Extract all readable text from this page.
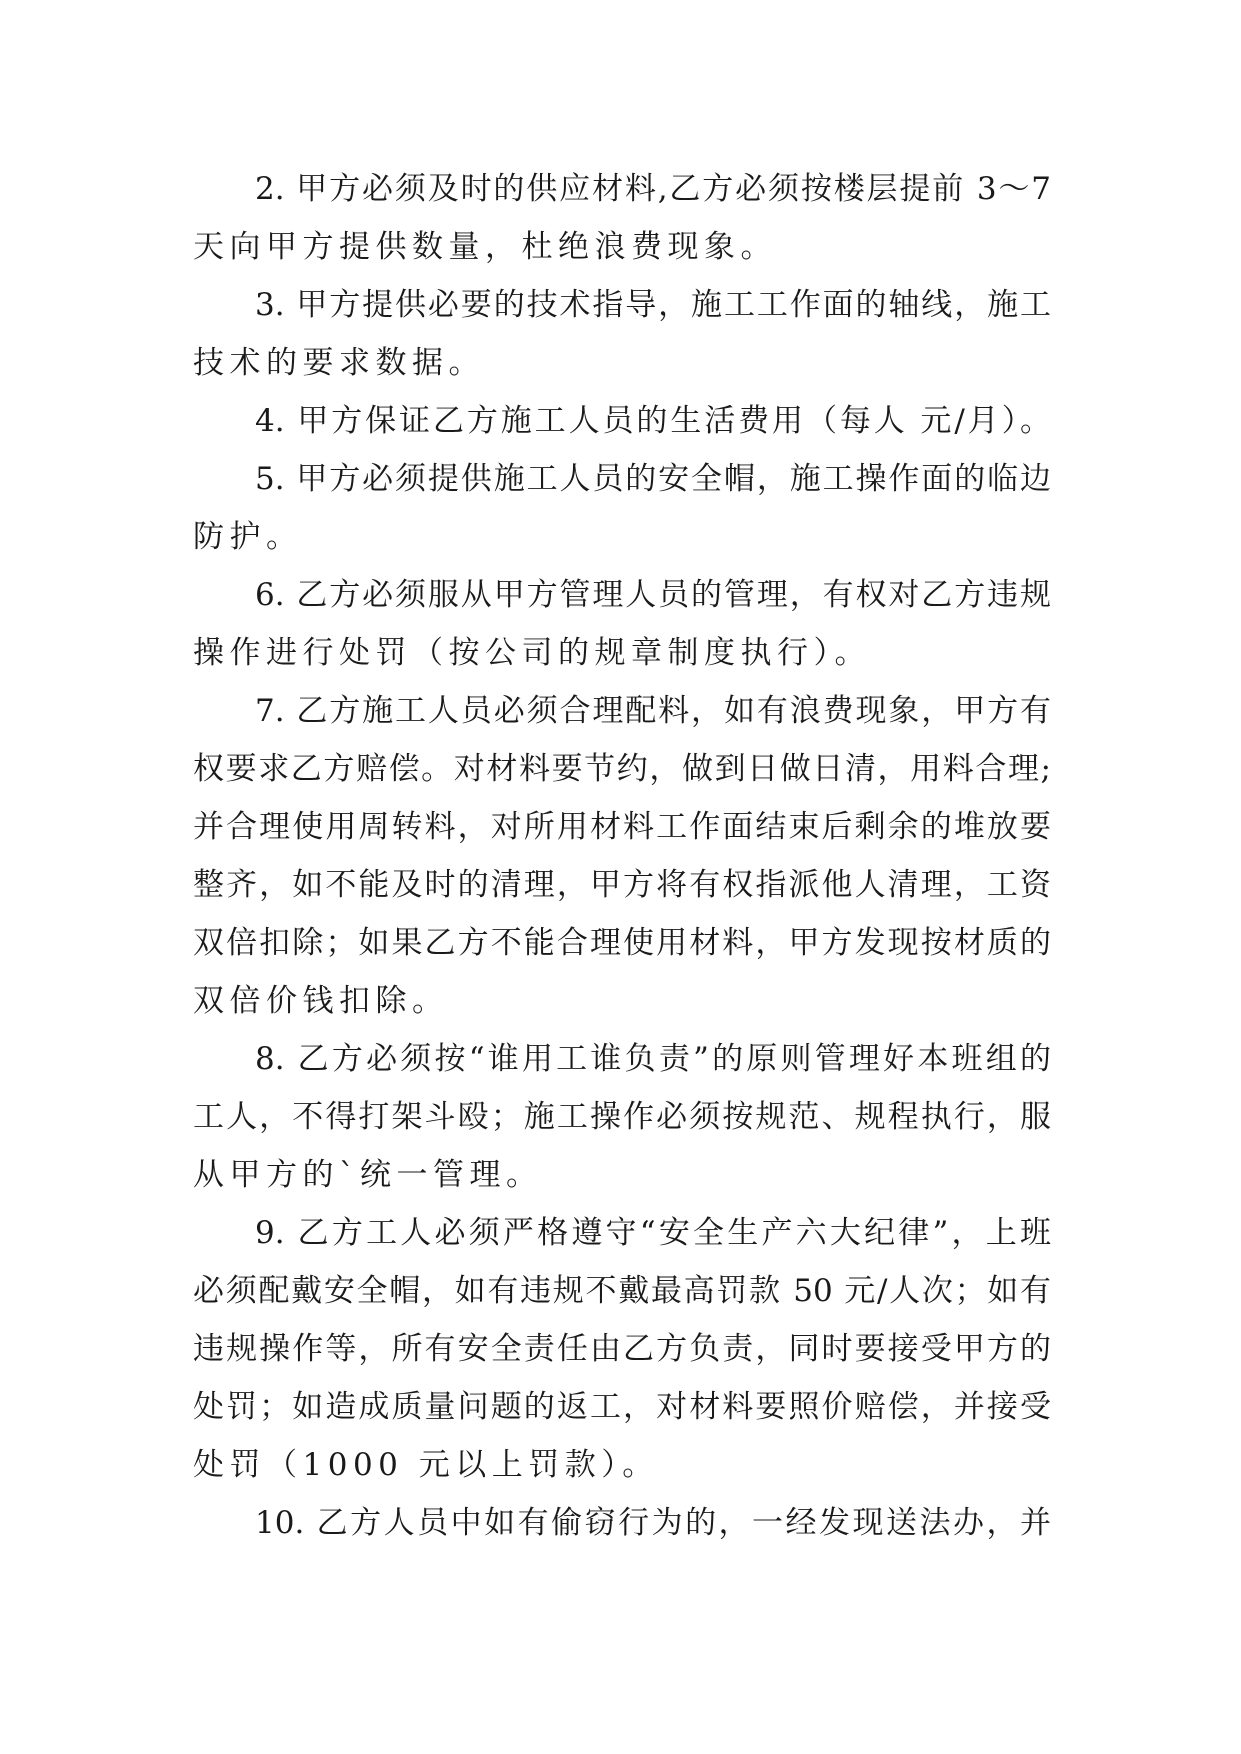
2. 甲方必须及时的供应材料,乙方必须按楼层提前 3～7
天向甲方提供数量，杜绝浪费现象。
3. 甲方提供必要的技术指导，施工工作面的轴线，施工
技术的要求数据。
4. 甲方保证乙方施工人员的生活费用（每人 元/月）。
5. 甲方必须提供施工人员的安全帽，施工操作面的临边
防护。
6. 乙方必须服从甲方管理人员的管理，有权对乙方违规
操作进行处罚（按公司的规章制度执行）。
7. 乙方施工人员必须合理配料，如有浪费现象，甲方有
权要求乙方赔偿。对材料要节约，做到日做日清，用料合理;
并合理使用周转料，对所用材料工作面结束后剩余的堆放要
整齐，如不能及时的清理，甲方将有权指派他人清理，工资
双倍扣除；如果乙方不能合理使用材料，甲方发现按材质的
双倍价钱扣除。
8. 乙方必须按“谁用工谁负责”的原则管理好本班组的
工人，不得打架斗殴；施工操作必须按规范、规程执行，服
从甲方的`统一管理。
9. 乙方工人必须严格遵守“安全生产六大纪律”，上班
必须配戴安全帽，如有违规不戴最高罚款 50 元/人次；如有
违规操作等，所有安全责任由乙方负责，同时要接受甲方的
处罚；如造成质量问题的返工，对材料要照价赔偿，并接受
处罚（1000 元以上罚款）。
10. 乙方人员中如有偷窃行为的，一经发现送法办，并
